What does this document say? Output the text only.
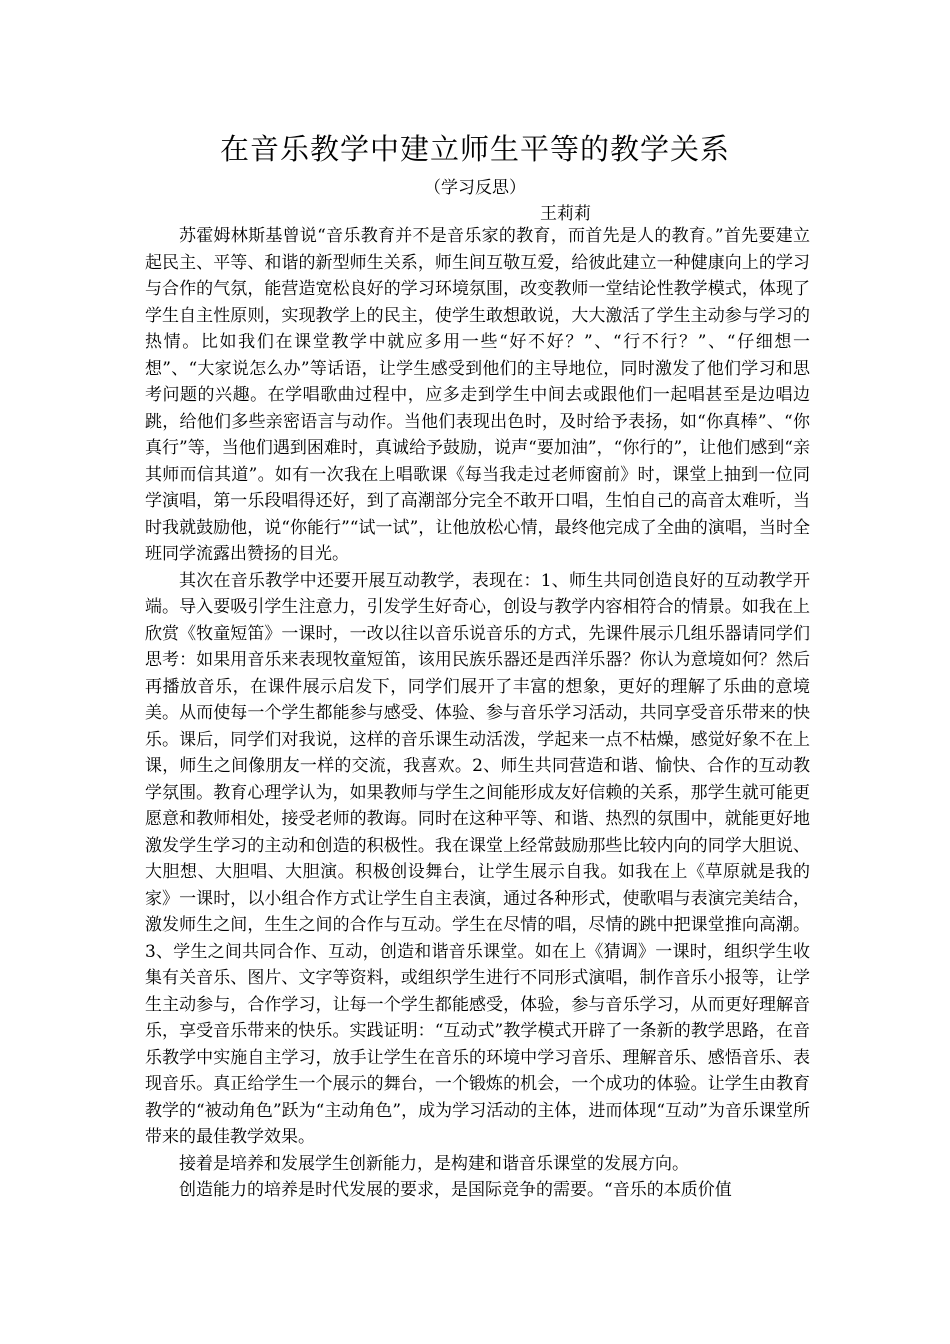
在音乐教学中建立师生平等的教学关系
（学习反思）
王莉莉

苏霍姆林斯基曾说“音乐教育并不是音乐家的教育，而首先是人的教育。”首先要建立起民主、平等、和谐的新型师生关系，师生间互敬互爱，给彼此建立一种健康向上的学习与合作的气氛，能营造宽松良好的学习环境氛围，改变教师一堂结论性教学模式，体现了学生自主性原则，实现教学上的民主，使学生敢想敢说，大大激活了学生主动参与学习的热情。比如我们在课堂教学中就应多用一些“好不好？”、“行不行？”、“仔细想一想”、“大家说怎么办”等话语，让学生感受到他们的主导地位，同时激发了他们学习和思考问题的兴趣。在学唱歌曲过程中，应多走到学生中间去或跟他们一起唱甚至是边唱边跳，给他们多些亲密语言与动作。当他们表现出色时，及时给予表扬，如“你真棒”、“你真行”等，当他们遇到困难时，真诚给予鼓励，说声“要加油”，“你行的”，让他们感到“亲其师而信其道”。如有一次我在上唱歌课《每当我走过老师窗前》时，课堂上抽到一位同学演唱，第一乐段唱得还好，到了高潮部分完全不敢开口唱，生怕自己的高音太难听，当时我就鼓励他，说“你能行”“试一试”，让他放松心情，最终他完成了全曲的演唱，当时全班同学流露出赞扬的目光。

其次在音乐教学中还要开展互动教学，表现在：1、师生共同创造良好的互动教学开端。导入要吸引学生注意力，引发学生好奇心，创设与教学内容相符合的情景。如我在上欣赏《牧童短笛》一课时，一改以往以音乐说音乐的方式，先课件展示几组乐器请同学们思考：如果用音乐来表现牧童短笛，该用民族乐器还是西洋乐器？你认为意境如何？然后再播放音乐，在课件展示启发下，同学们展开了丰富的想象，更好的理解了乐曲的意境美。从而使每一个学生都能参与感受、体验、参与音乐学习活动，共同享受音乐带来的快乐。课后，同学们对我说，这样的音乐课生动活泼，学起来一点不枯燥，感觉好象不在上课，师生之间像朋友一样的交流，我喜欢。2、师生共同营造和谐、愉快、合作的互动教学氛围。教育心理学认为，如果教师与学生之间能形成友好信赖的关系，那学生就可能更愿意和教师相处，接受老师的教诲。同时在这种平等、和谐、热烈的氛围中，就能更好地激发学生学习的主动和创造的积极性。我在课堂上经常鼓励那些比较内向的同学大胆说、大胆想、大胆唱、大胆演。积极创设舞台，让学生展示自我。如我在上《草原就是我的家》一课时，以小组合作方式让学生自主表演，通过各种形式，使歌唱与表演完美结合，激发师生之间，生生之间的合作与互动。学生在尽情的唱，尽情的跳中把课堂推向高潮。3、学生之间共同合作、互动，创造和谐音乐课堂。如在上《猜调》一课时，组织学生收集有关音乐、图片、文字等资料，或组织学生进行不同形式演唱，制作音乐小报等，让学生主动参与，合作学习，让每一个学生都能感受，体验，参与音乐学习，从而更好理解音乐，享受音乐带来的快乐。实践证明：“互动式”教学模式开辟了一条新的教学思路，在音乐教学中实施自主学习，放手让学生在音乐的环境中学习音乐、理解音乐、感悟音乐、表现音乐。真正给学生一个展示的舞台，一个锻炼的机会，一个成功的体验。让学生由教育教学的“被动角色”跃为“主动角色”，成为学习活动的主体，进而体现“互动”为音乐课堂所带来的最佳教学效果。

接着是培养和发展学生创新能力，是构建和谐音乐课堂的发展方向。

创造能力的培养是时代发展的要求，是国际竞争的需要。“音乐的本质价值
